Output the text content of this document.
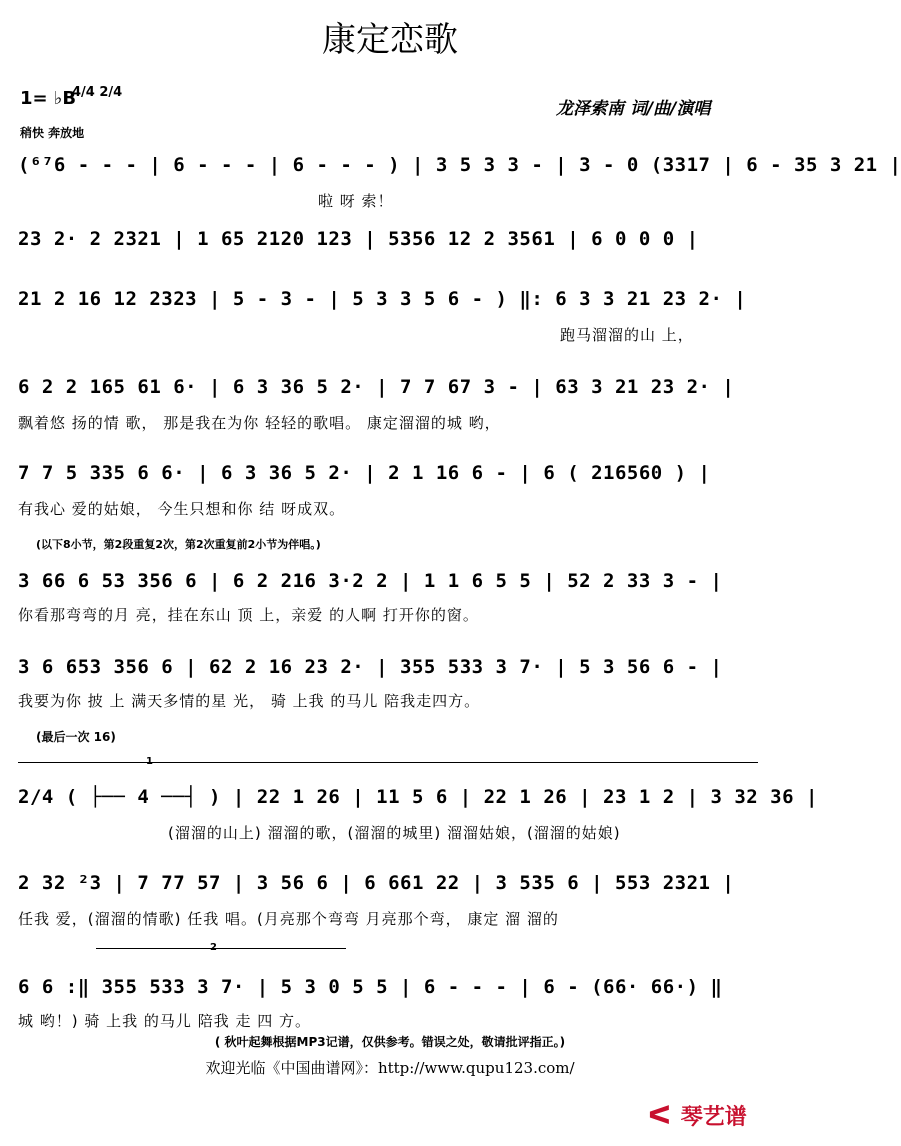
康定恋歌
1= ♭B
4/4 2/4
龙泽索南 词/曲/演唱
稍快 奔放地
(⁶⁷6 - - - | 6 - - - | 6 - - - ) | 3 5 3 3 - | 3 - 0 (3317 | 6 - 35 3 21 |
啦 呀 索！
23 2· 2 2321 | 1 65 2120 123 | 5356 12 2 3561 | 6 0 0 0 |
21 2 16 12 2323 | 5 - 3 - | 5 3 3 5 6 - ) ‖: 6 3 3 21 23 2· |
跑马溜溜的山 上，
6 2 2 165 61 6· | 6 3 36 5 2· | 7 7 67 3 - | 63 3 21 23 2· |
飘着悠 扬的情 歌， 那是我在为你 轻轻的歌唱。 康定溜溜的城 哟，
7 7 5 335 6 6· | 6 3 36 5 2· | 2 1 16 6 - | 6 ( 216560 ) |
有我心 爱的姑娘， 今生只想和你 结 呀成双。
(以下8小节，第2段重复2次，第2次重复前2小节为伴唱。)
3 66 6 53 356 6 | 6 2 216 3·2 2 | 1 1 6 5 5 | 52 2 33 3 - |
你看那弯弯的月 亮，挂在东山 顶 上，亲爱 的人啊 打开你的窗。
3 6 653 356 6 | 62 2 16 23 2· | 355 533 3 7· | 5 3 56 6 - |
我要为你 披 上 满天多情的星 光， 骑 上我 的马儿 陪我走四方。
(最后一次 16)
1
2/4 ( ├── 4 ──┤ ) | 22 1 26 | 11 5 6 | 22 1 26 | 23 1 2 | 3 32 36 |
(溜溜的山上) 溜溜的歌，(溜溜的城里) 溜溜姑娘，(溜溜的姑娘)
2 32 ²3 | 7 77 57 | 3 56 6 | 6 661 22 | 3 535 6 | 553 2321 |
任我 爱，(溜溜的情歌) 任我 唱。(月亮那个弯弯 月亮那个弯， 康定 溜 溜的
2
6 6 :‖ 355 533 3 7· | 5 3 0 5 5 | 6 - - - | 6 - (66· 66·) ‖
城 哟！) 骑 上我 的马儿 陪我 走 四 方。
( 秋叶起舞根据MP3记谱，仅供参考。错误之处，敬请批评指正。)
欢迎光临《中国曲谱网》：http://www.qupu123.com/
ᐸ 琴艺谱
